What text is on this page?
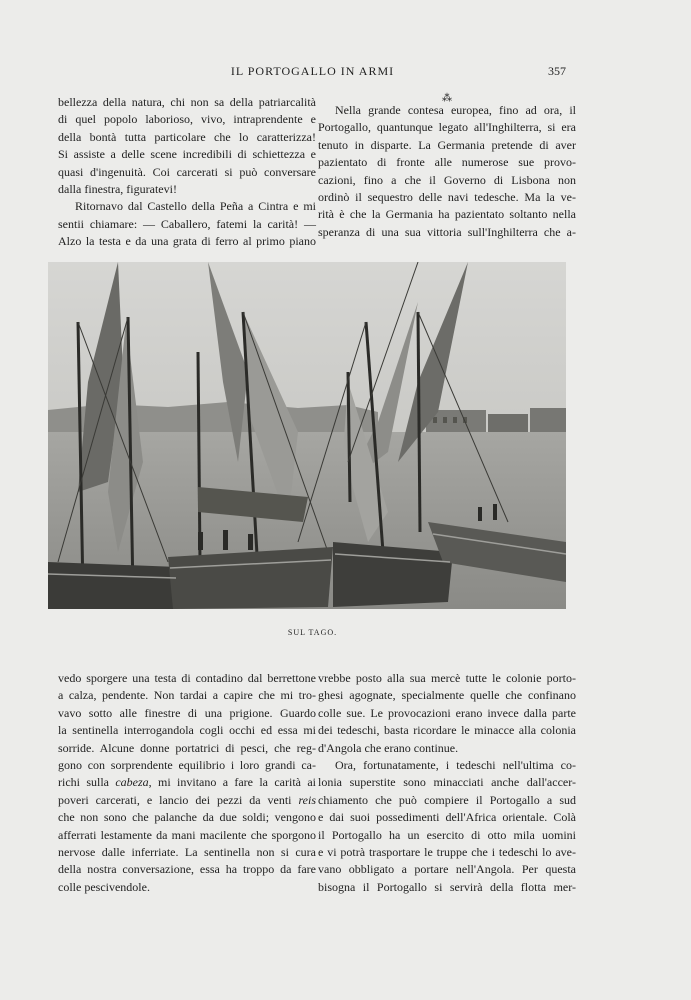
IL PORTOGALLO IN ARMI	357
bellezza della natura, chi non sa della patriarcalità
di quel popolo laborioso, vivo, intraprendente e
della bontà tutta particolare che lo caratterizza!
Si assiste a delle scene incredibili di schiettezza e
quasi d'ingenuità. Coi carcerati si può conversare
dalla finestra, figuratevi!
Ritornavo dal Castello della Peña a Cintra e mi
sentii chiamare: — Caballero, fatemi la carità! —
Alzo la testa e da una grata di ferro al primo piano
⁂
Nella grande contesa europea, fino ad ora, il
Portogallo, quantunque legato all'Inghilterra, si era
tenuto in disparte. La Germania pretende di aver
pazientato di fronte alle numerose sue provo-
cazioni, fino a che il Governo di Lisbona non
ordinò il sequestro delle navi tedesche. Ma la ve-
rità è che la Germania ha pazientato soltanto nella
speranza di una sua vittoria sull'Inghilterra che a-
SUL TAGO.
vedo sporgere una testa di contadino dal berrettone
a calza, pendente. Non tardai a capire che mi tro-
vavo sotto alle finestre di una prigione. Guardo
la sentinella interrogandola cogli occhi ed essa mi
sorride. Alcune donne portatrici di pesci, che reg-
gono con sorprendente equilibrio i loro grandi ca-
richi sulla cabeza, mi invitano a fare la carità ai
poveri carcerati, e lancio dei pezzi da venti reis
che non sono che palanche da due soldi; vengono
afferrati lestamente da mani macilente che sporgono
nervose dalle inferriate. La sentinella non si cura
della nostra conversazione, essa ha troppo da fare
colle pescivendole.
vrebbe posto alla sua mercè tutte le colonie porto-
ghesi agognate, specialmente quelle che confinano
colle sue. Le provocazioni erano invece dalla parte
dei tedeschi, basta ricordare le minacce alla colonia
d'Angola che erano continue.
Ora, fortunatamente, i tedeschi nell'ultima co-
lonia superstite sono minacciati anche dall'accer-
chiamento che può compiere il Portogallo a sud
e dai suoi possedimenti dell'Africa orientale. Colà
il Portogallo ha un esercito di otto mila uomini
e vi potrà trasportare le truppe che i tedeschi lo ave-
vano obbligato a portare nell'Angola. Per questa
bisogna il Portogallo si servirà della flotta mer-
